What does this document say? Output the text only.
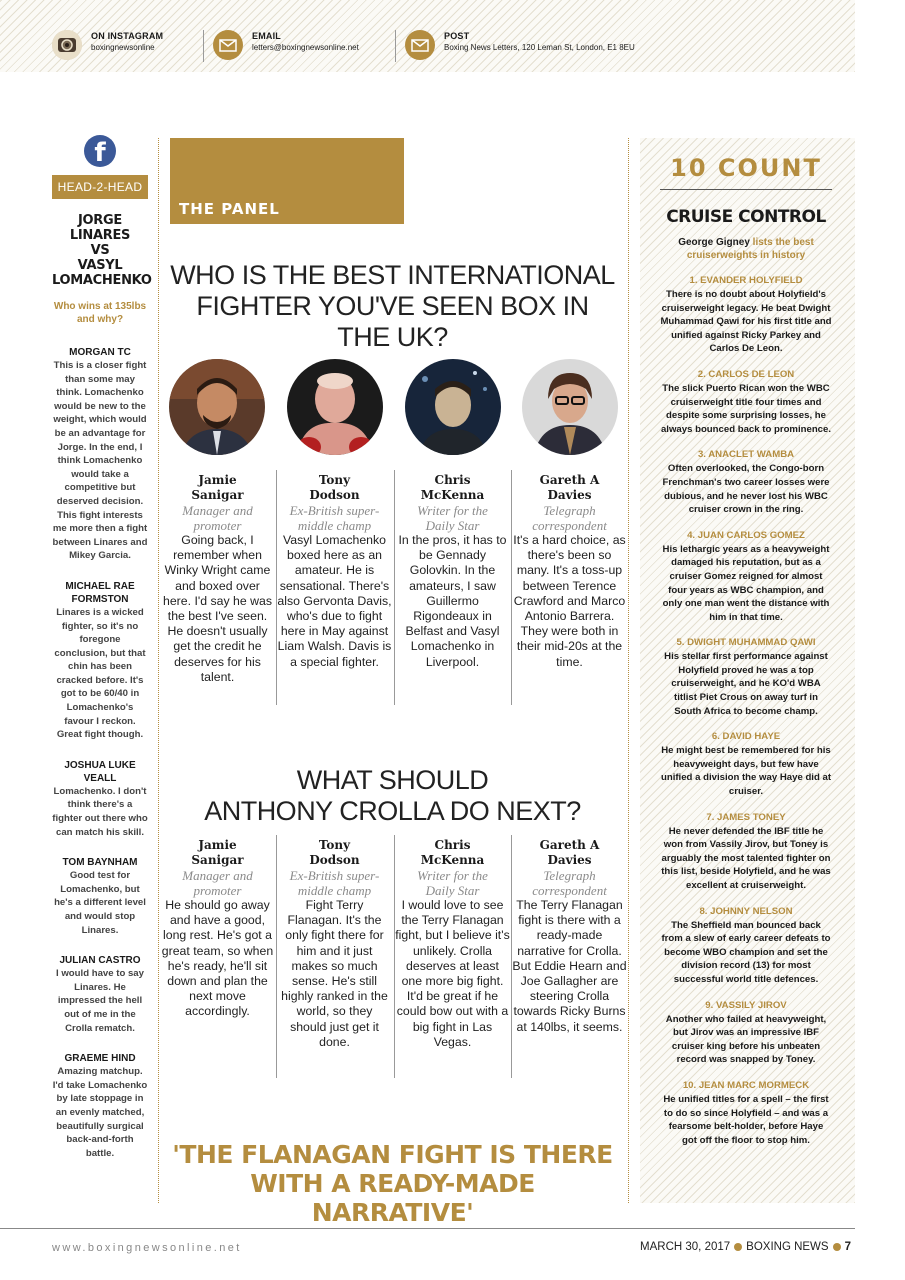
ON INSTAGRAM
boxingnewsonline
EMAIL
letters@boxingnewsonline.net
POST
Boxing News Letters, 120 Leman St, London, E1 8EU
f
HEAD-2-HEAD
JORGE
LINARES
VS
VASYL
LOMACHENKO
Who wins at 135lbs and why?
MORGAN TC
This is a closer fight than some may think. Lomachenko would be new to the weight, which would be an advantage for Jorge. In the end, I think Lomachenko would take a competitive but deserved decision. This fight interests me more then a fight between Linares and Mikey Garcia.
MICHAEL RAE FORMSTON
Linares is a wicked fighter, so it's no foregone conclusion, but that chin has been cracked before. It's got to be 60/40 in Lomachenko's favour I reckon. Great fight though.
JOSHUA LUKE VEALL
Lomachenko. I don't think there's a fighter out there who can match his skill.
TOM BAYNHAM
Good test for Lomachenko, but he's a different level and would stop Linares.
JULIAN CASTRO
I would have to say Linares. He impressed the hell out of me in the Crolla rematch.
GRAEME HIND
Amazing matchup. I'd take Lomachenko by late stoppage in an evenly matched, beautifully surgical back-and-forth battle.
THE PANEL
WHO IS THE BEST INTERNATIONAL
FIGHTER YOU'VE SEEN BOX IN THE UK?
Jamie
Sanigar
Manager and
promoter
Going back, I remember when Winky Wright came and boxed over here. I'd say he was the best I've seen. He doesn't usually get the credit he deserves for his talent.
Tony
Dodson
Ex-British super-
middle champ
Vasyl Lomachenko boxed here as an amateur. He is sensational. There's also Gervonta Davis, who's due to fight here in May against Liam Walsh. Davis is a special fighter.
Chris
McKenna
Writer for the
Daily Star
In the pros, it has to be Gennady Golovkin. In the amateurs, I saw Guillermo Rigondeaux in Belfast and Vasyl Lomachenko in Liverpool.
Gareth A
Davies
Telegraph
correspondent
It's a hard choice, as there's been so many. It's a toss-up between Terence Crawford and Marco Antonio Barrera. They were both in their mid-20s at the time.
WHAT SHOULD
ANTHONY CROLLA DO NEXT?
Jamie
Sanigar
Manager and
promoter
He should go away and have a good, long rest. He's got a great team, so when he's ready, he'll sit down and plan the next move accordingly.
Tony
Dodson
Ex-British super-
middle champ
Fight Terry Flanagan. It's the only fight there for him and it just makes so much sense. He's still highly ranked in the world, so they should just get it done.
Chris
McKenna
Writer for the
Daily Star
I would love to see the Terry Flanagan fight, but I believe it's unlikely. Crolla deserves at least one more big fight. It'd be great if he could bow out with a big fight in Las Vegas.
Gareth A
Davies
Telegraph
correspondent
The Terry Flanagan fight is there with a ready-made narrative for Crolla. But Eddie Hearn and Joe Gallagher are steering Crolla towards Ricky Burns at 140lbs, it seems.
'THE FLANAGAN FIGHT IS THERE
WITH A READY-MADE NARRATIVE'
10 COUNT
CRUISE CONTROL
George Gigney lists the best cruiserweights in history
1. EVANDER HOLYFIELD
There is no doubt about Holyfield's cruiserweight legacy. He beat Dwight Muhammad Qawi for his first title and unified against Ricky Parkey and Carlos De Leon.
2. CARLOS DE LEON
The slick Puerto Rican won the WBC cruiserweight title four times and despite some surprising losses, he always bounced back to prominence.
3. ANACLET WAMBA
Often overlooked, the Congo-born Frenchman's two career losses were dubious, and he never lost his WBC cruiser crown in the ring.
4. JUAN CARLOS GOMEZ
His lethargic years as a heavyweight damaged his reputation, but as a cruiser Gomez reigned for almost four years as WBC champion, and only one man went the distance with him in that time.
5. DWIGHT MUHAMMAD QAWI
His stellar first performance against Holyfield proved he was a top cruiserweight, and he KO'd WBA titlist Piet Crous on away turf in South Africa to become champ.
6. DAVID HAYE
He might best be remembered for his heavyweight days, but few have unified a division the way Haye did at cruiser.
7. JAMES TONEY
He never defended the IBF title he won from Vassily Jirov, but Toney is arguably the most talented fighter on this list, beside Holyfield, and he was excellent at cruiserweight.
8. JOHNNY NELSON
The Sheffield man bounced back from a slew of early career defeats to become WBO champion and set the division record (13) for most successful world title defences.
9. VASSILY JIROV
Another who failed at heavyweight, but Jirov was an impressive IBF cruiser king before his unbeaten record was snapped by Toney.
10. JEAN MARC MORMECK
He unified titles for a spell – the first to do so since Holyfield – and was a fearsome belt-holder, before Haye got off the floor to stop him.
www.boxingnewsonline.net	MARCH 30, 2017 BOXING NEWS 7
